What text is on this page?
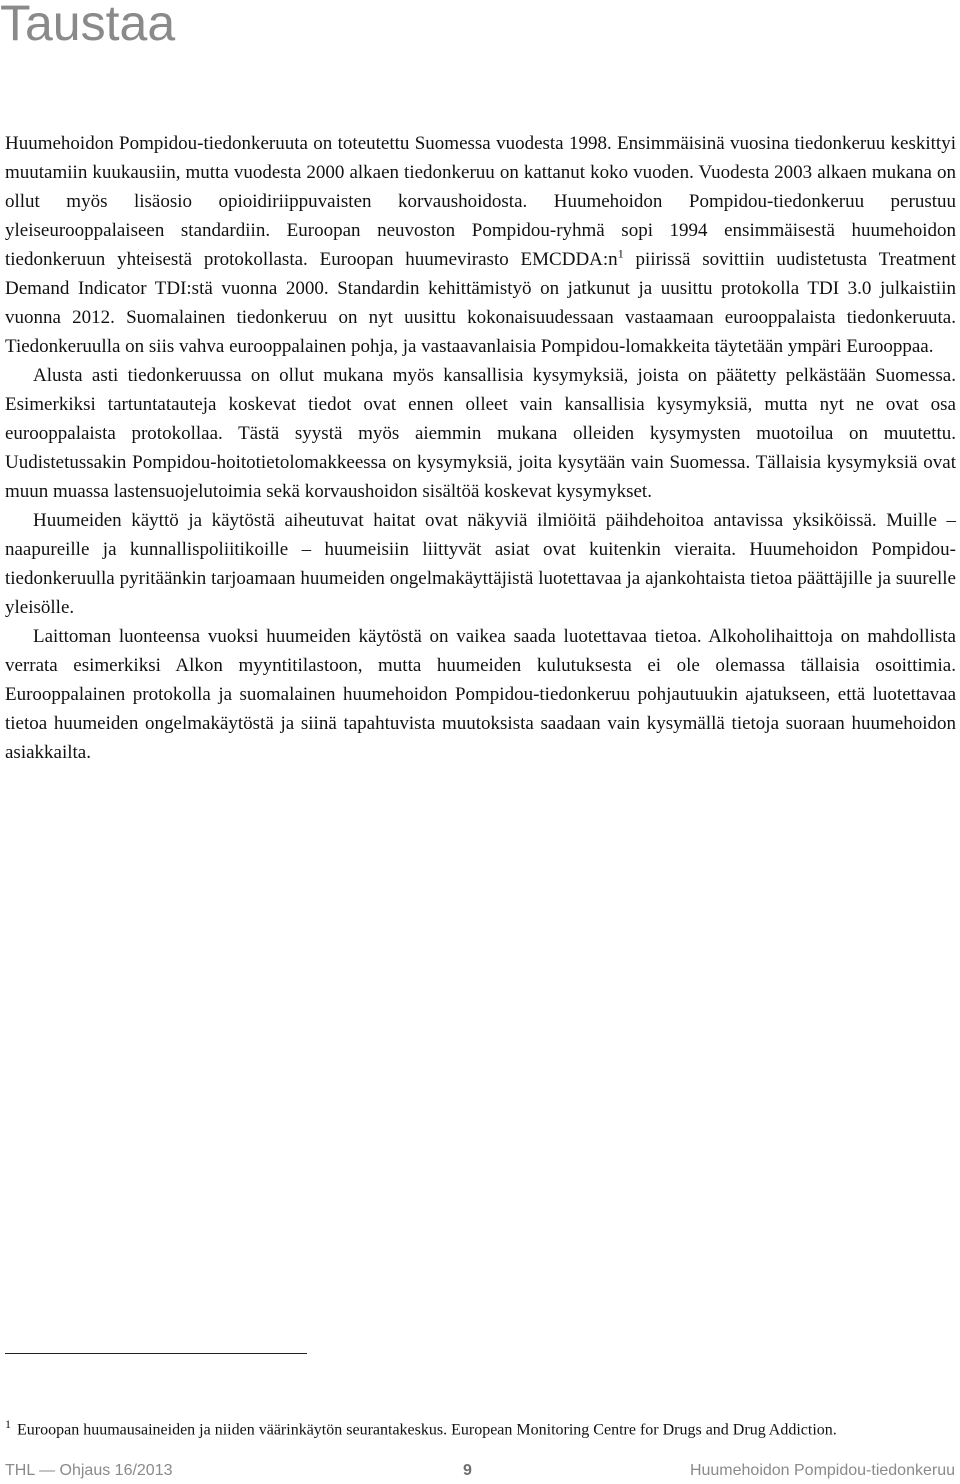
Taustaa

Huumehoidon Pompidou-tiedonkeruuta on toteutettu Suomessa vuodesta 1998. Ensimmäisinä vuosina tiedonkeruu keskittyi muutamiin kuukausiin, mutta vuodesta 2000 alkaen tiedonkeruu on kattanut koko vuoden. Vuodesta 2003 alkaen mukana on ollut myös lisäosio opioidiriippuvaisten korvaushoidosta. Huumehoidon Pompidou-tiedonkeruu perustuu yleiseurooppalaiseen standardiin. Euroopan neuvoston Pompidou-ryhmä sopi 1994 ensimmäisestä huumehoidon tiedonkeruun yhteisestä protokollasta. Euroopan huumevirasto EMCDDA:n$^1$ piirissä sovittiin uudistetusta Treatment Demand Indicator TDI:stä vuonna 2000. Standardin kehittämistyö on jatkunut ja uusittu protokolla TDI 3.0 julkaistiin vuonna 2012. Suomalainen tiedonkeruu on nyt uusittu kokonaisuudessaan vastaamaan eurooppalaista tiedonkeruuta. Tiedonkeruulla on siis vahva eurooppalainen pohja, ja vastaavanlaisia Pompidou-lomakkeita täytetään ympäri Eurooppaa.

Alusta asti tiedonkeruussa on ollut mukana myös kansallisia kysymyksiä, joista on päätetty pelkästään Suomessa. Esimerkiksi tartuntatauteja koskevat tiedot ovat ennen olleet vain kansallisia kysymyksiä, mutta nyt ne ovat osa eurooppalaista protokollaa. Tästä syystä myös aiemmin mukana olleiden kysymysten muotoilua on muutettu. Uudistetussakin Pompidou-hoitotietolomakkeessa on kysymyksiä, joita kysytään vain Suomessa. Tällaisia kysymyksiä ovat muun muassa lastensuojelutoimia sekä korvaushoidon sisältöä koskevat kysymykset.

Huumeiden käyttö ja käytöstä aiheutuvat haitat ovat näkyviä ilmiöitä päihdehoitoa antavissa yksiköissä. Muille – naapureille ja kunnallispoliitikoille – huumeisiin liittyvät asiat ovat kuitenkin vieraita. Huumehoidon Pompidou-tiedonkeruulla pyritäänkin tarjoamaan huumeiden ongelmakäyttäjistä luotettavaa ja ajankohtaista tietoa päättäjille ja suurelle yleisölle.

Laittoman luonteensa vuoksi huumeiden käytöstä on vaikea saada luotettavaa tietoa. Alkoholihaittoja on mahdollista verrata esimerkiksi Alkon myyntitilastoon, mutta huumeiden kulutuksesta ei ole olemassa tällaisia osoittimia. Eurooppalainen protokolla ja suomalainen huumehoidon Pompidou-tiedonkeruu pohjautuukin ajatukseen, että luotettavaa tietoa huumeiden ongelmakäytöstä ja siinä tapahtuvista muutoksista saadaan vain kysymällä tietoja suoraan huumehoidon asiakkailta.

$^1$ Euroopan huumausaineiden ja niiden väärinkäytön seurantakeskus. European Monitoring Centre for Drugs and Drug Addiction.
THL — Ohjaus 16/2013	9	Huumehoidon Pompidou-tiedonkeruu
